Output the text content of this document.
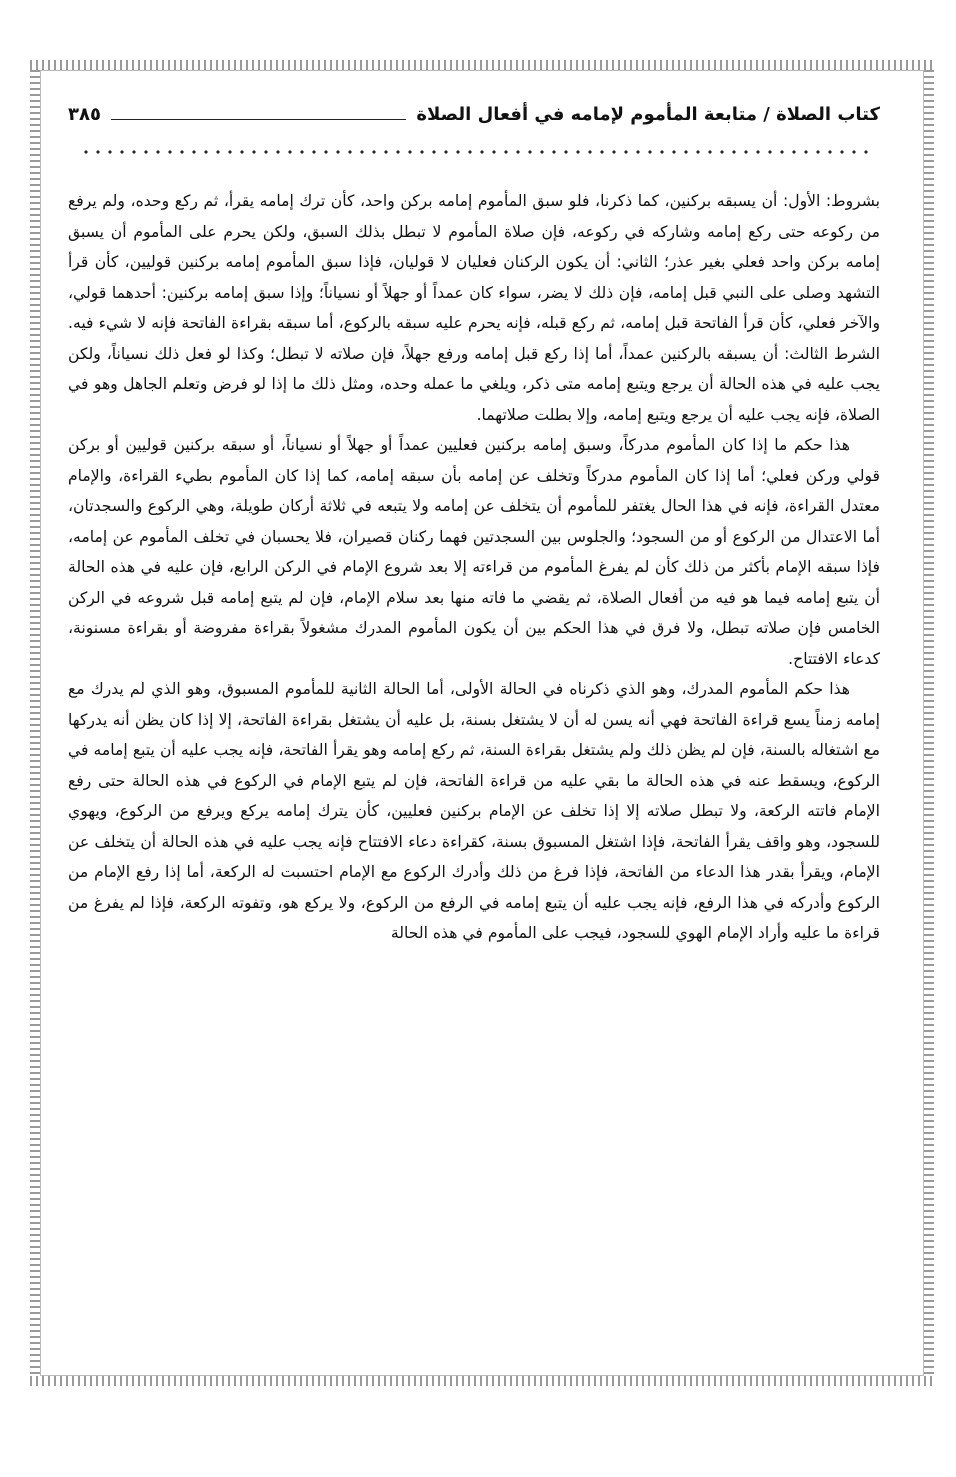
كتاب الصلاة / متابعة المأموم لإمامه في أفعال الصلاة
٣٨٥

بشروط: الأول: أن يسبقه بركنين، كما ذكرنا، فلو سبق المأموم إمامه بركن واحد، كأن ترك إمامه يقرأ، ثم ركع وحده، ولم يرفع من ركوعه حتى ركع إمامه وشاركه في ركوعه، فإن صلاة المأموم لا تبطل بذلك السبق، ولكن يحرم على المأموم أن يسبق إمامه بركن واحد فعلي بغير عذر؛ الثاني: أن يكون الركنان فعليان لا قوليان، فإذا سبق المأموم إمامه بركنين قوليين، كأن قرأ التشهد وصلى على النبي قبل إمامه، فإن ذلك لا يضر، سواء كان عمداً أو جهلاً أو نسياناً؛ وإذا سبق إمامه بركنين: أحدهما قولي، والآخر فعلي، كأن قرأ الفاتحة قبل إمامه، ثم ركع قبله، فإنه يحرم عليه سبقه بالركوع، أما سبقه بقراءة الفاتحة فإنه لا شيء فيه. الشرط الثالث: أن يسبقه بالركنين عمداً، أما إذا ركع قبل إمامه ورفع جهلاً، فإن صلاته لا تبطل؛ وكذا لو فعل ذلك نسياناً، ولكن يجب عليه في هذه الحالة أن يرجع ويتبع إمامه متى ذكر، ويلغي ما عمله وحده، ومثل ذلك ما إذا لو فرض وتعلم الجاهل وهو في الصلاة، فإنه يجب عليه أن يرجع ويتبع إمامه، وإلا بطلت صلاتهما.

هذا حكم ما إذا كان المأموم مدركاً، وسبق إمامه بركنين فعليين عمداً أو جهلاً أو نسياناً، أو سبقه بركنين قوليين أو بركن قولي وركن فعلي؛ أما إذا كان المأموم مدركاً وتخلف عن إمامه بأن سبقه إمامه، كما إذا كان المأموم بطيء القراءة، والإمام معتدل القراءة، فإنه في هذا الحال يغتفر للمأموم أن يتخلف عن إمامه ولا يتبعه في ثلاثة أركان طويلة، وهي الركوع والسجدتان، أما الاعتدال من الركوع أو من السجود؛ والجلوس بين السجدتين فهما ركنان قصيران، فلا يحسبان في تخلف المأموم عن إمامه، فإذا سبقه الإمام بأكثر من ذلك كأن لم يفرغ المأموم من قراءته إلا بعد شروع الإمام في الركن الرابع، فإن عليه في هذه الحالة أن يتبع إمامه فيما هو فيه من أفعال الصلاة، ثم يقضي ما فاته منها بعد سلام الإمام، فإن لم يتبع إمامه قبل شروعه في الركن الخامس فإن صلاته تبطل، ولا فرق في هذا الحكم بين أن يكون المأموم المدرك مشغولاً بقراءة مفروضة أو بقراءة مسنونة، كدعاء الافتتاح.

هذا حكم المأموم المدرك، وهو الذي ذكرناه في الحالة الأولى، أما الحالة الثانية للمأموم المسبوق، وهو الذي لم يدرك مع إمامه زمناً يسع قراءة الفاتحة فهي أنه يسن له أن لا يشتغل بسنة، بل عليه أن يشتغل بقراءة الفاتحة، إلا إذا كان يظن أنه يدركها مع اشتغاله بالسنة، فإن لم يظن ذلك ولم يشتغل بقراءة السنة، ثم ركع إمامه وهو يقرأ الفاتحة، فإنه يجب عليه أن يتبع إمامه في الركوع، ويسقط عنه في هذه الحالة ما بقي عليه من قراءة الفاتحة، فإن لم يتبع الإمام في الركوع في هذه الحالة حتى رفع الإمام فاتته الركعة، ولا تبطل صلاته إلا إذا تخلف عن الإمام بركنين فعليين، كأن يترك إمامه يركع ويرفع من الركوع، ويهوي للسجود، وهو واقف يقرأ الفاتحة، فإذا اشتغل المسبوق بسنة، كقراءة دعاء الافتتاح فإنه يجب عليه في هذه الحالة أن يتخلف عن الإمام، ويقرأ بقدر هذا الدعاء من الفاتحة، فإذا فرغ من ذلك وأدرك الركوع مع الإمام احتسبت له الركعة، أما إذا رفع الإمام من الركوع وأدركه في هذا الرفع، فإنه يجب عليه أن يتبع إمامه في الرفع من الركوع، ولا يركع هو، وتفوته الركعة، فإذا لم يفرغ من قراءة ما عليه وأراد الإمام الهوي للسجود، فيجب على المأموم في هذه الحالة
